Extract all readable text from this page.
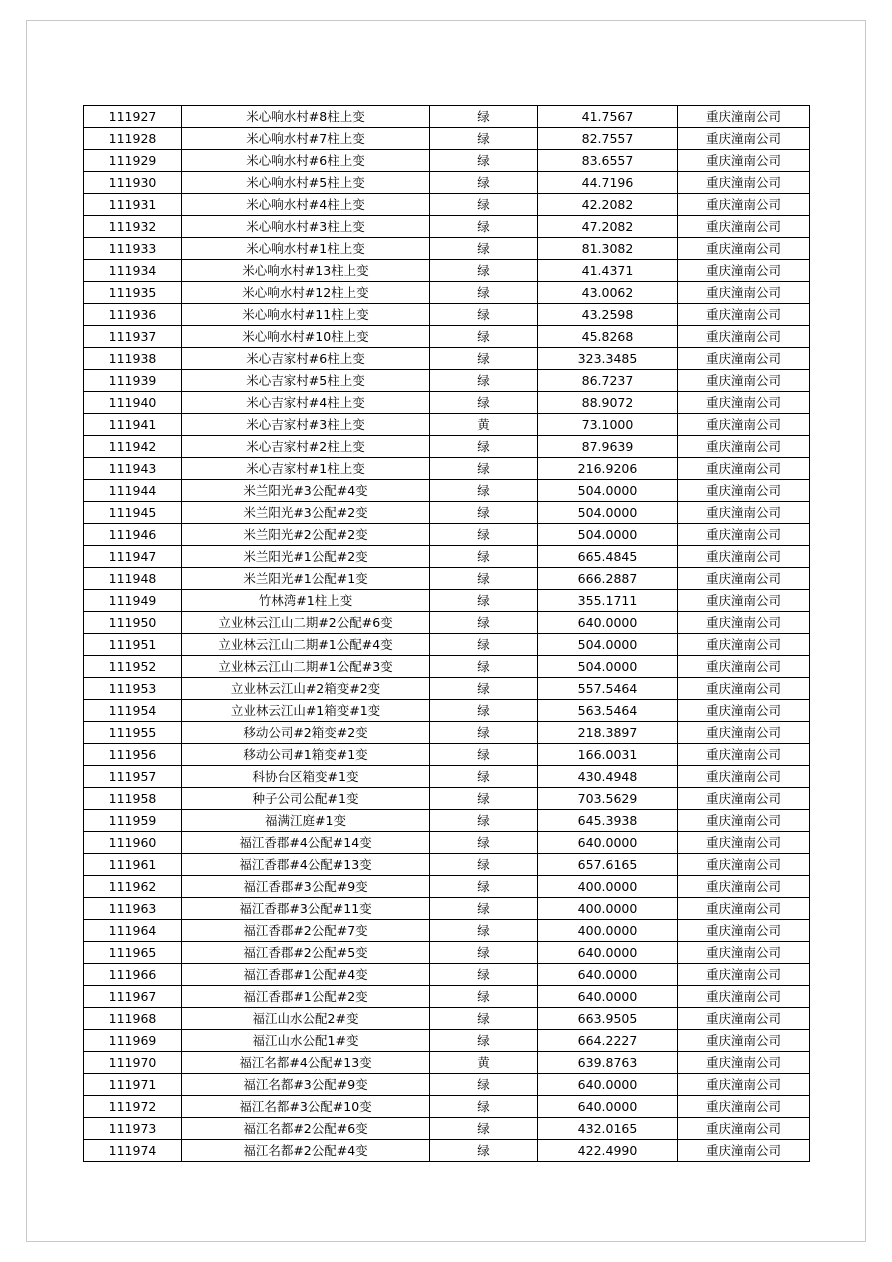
111927	米心响水村#8柱上变	绿	41.7567	重庆潼南公司
111928	米心响水村#7柱上变	绿	82.7557	重庆潼南公司
111929	米心响水村#6柱上变	绿	83.6557	重庆潼南公司
111930	米心响水村#5柱上变	绿	44.7196	重庆潼南公司
111931	米心响水村#4柱上变	绿	42.2082	重庆潼南公司
111932	米心响水村#3柱上变	绿	47.2082	重庆潼南公司
111933	米心响水村#1柱上变	绿	81.3082	重庆潼南公司
111934	米心响水村#13柱上变	绿	41.4371	重庆潼南公司
111935	米心响水村#12柱上变	绿	43.0062	重庆潼南公司
111936	米心响水村#11柱上变	绿	43.2598	重庆潼南公司
111937	米心响水村#10柱上变	绿	45.8268	重庆潼南公司
111938	米心吉家村#6柱上变	绿	323.3485	重庆潼南公司
111939	米心吉家村#5柱上变	绿	86.7237	重庆潼南公司
111940	米心吉家村#4柱上变	绿	88.9072	重庆潼南公司
111941	米心吉家村#3柱上变	黄	73.1000	重庆潼南公司
111942	米心吉家村#2柱上变	绿	87.9639	重庆潼南公司
111943	米心吉家村#1柱上变	绿	216.9206	重庆潼南公司
111944	米兰阳光#3公配#4变	绿	504.0000	重庆潼南公司
111945	米兰阳光#3公配#2变	绿	504.0000	重庆潼南公司
111946	米兰阳光#2公配#2变	绿	504.0000	重庆潼南公司
111947	米兰阳光#1公配#2变	绿	665.4845	重庆潼南公司
111948	米兰阳光#1公配#1变	绿	666.2887	重庆潼南公司
111949	竹林湾#1柱上变	绿	355.1711	重庆潼南公司
111950	立业林云江山二期#2公配#6变	绿	640.0000	重庆潼南公司
111951	立业林云江山二期#1公配#4变	绿	504.0000	重庆潼南公司
111952	立业林云江山二期#1公配#3变	绿	504.0000	重庆潼南公司
111953	立业林云江山#2箱变#2变	绿	557.5464	重庆潼南公司
111954	立业林云江山#1箱变#1变	绿	563.5464	重庆潼南公司
111955	移动公司#2箱变#2变	绿	218.3897	重庆潼南公司
111956	移动公司#1箱变#1变	绿	166.0031	重庆潼南公司
111957	科协台区箱变#1变	绿	430.4948	重庆潼南公司
111958	种子公司公配#1变	绿	703.5629	重庆潼南公司
111959	福满江庭#1变	绿	645.3938	重庆潼南公司
111960	福江香郡#4公配#14变	绿	640.0000	重庆潼南公司
111961	福江香郡#4公配#13变	绿	657.6165	重庆潼南公司
111962	福江香郡#3公配#9变	绿	400.0000	重庆潼南公司
111963	福江香郡#3公配#11变	绿	400.0000	重庆潼南公司
111964	福江香郡#2公配#7变	绿	400.0000	重庆潼南公司
111965	福江香郡#2公配#5变	绿	640.0000	重庆潼南公司
111966	福江香郡#1公配#4变	绿	640.0000	重庆潼南公司
111967	福江香郡#1公配#2变	绿	640.0000	重庆潼南公司
111968	福江山水公配2#变	绿	663.9505	重庆潼南公司
111969	福江山水公配1#变	绿	664.2227	重庆潼南公司
111970	福江名都#4公配#13变	黄	639.8763	重庆潼南公司
111971	福江名都#3公配#9变	绿	640.0000	重庆潼南公司
111972	福江名都#3公配#10变	绿	640.0000	重庆潼南公司
111973	福江名都#2公配#6变	绿	432.0165	重庆潼南公司
111974	福江名都#2公配#4变	绿	422.4990	重庆潼南公司
